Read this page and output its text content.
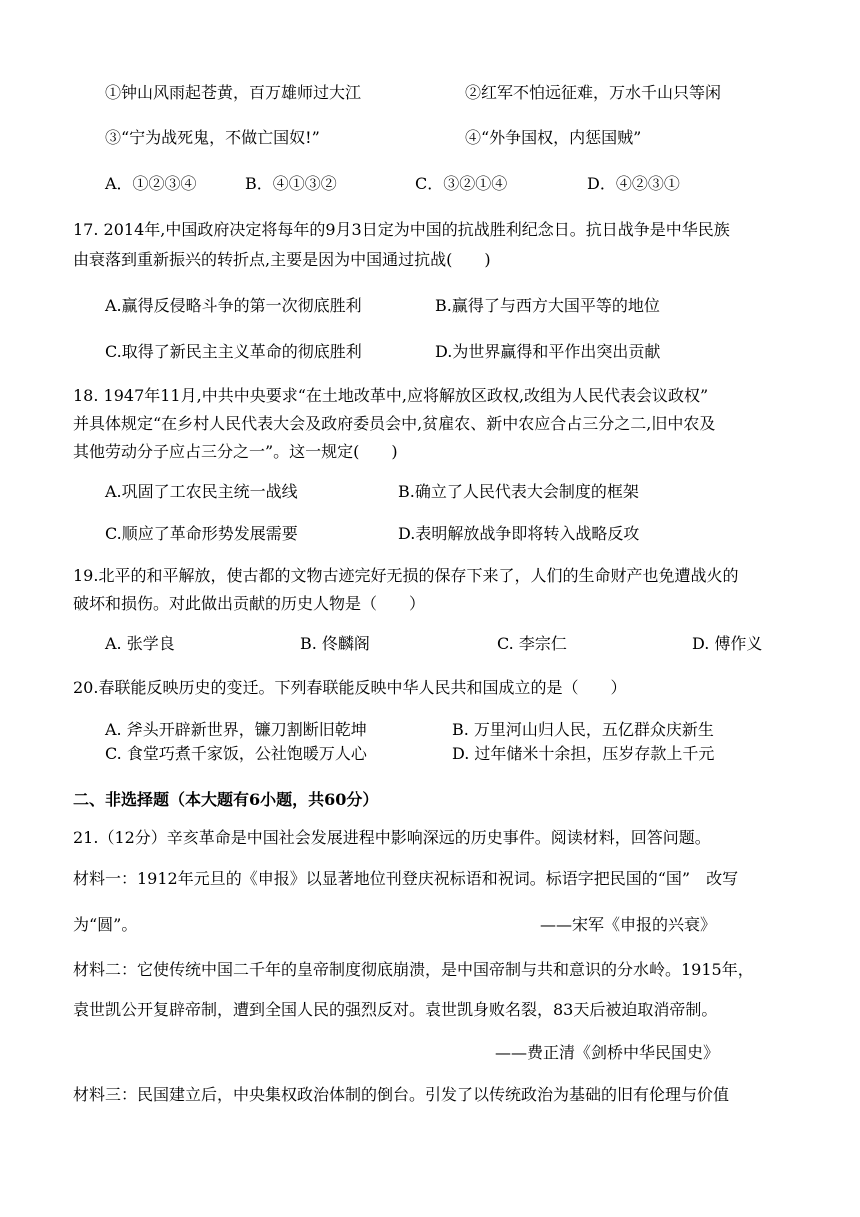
①钟山风雨起苍黄，百万雄师过大江	②红军不怕远征难，万水千山只等闲
③“宁为战死鬼，不做亡国奴!”	④“外争国权，内惩国贼”
A．①②③④	B．④①③②	C．③②①④	D．④②③①
17. 2014年,中国政府决定将每年的9月3日定为中国的抗战胜利纪念日。抗日战争是中华民族
由衰落到重新振兴的转折点,主要是因为中国通过抗战(　　)
A.赢得反侵略斗争的第一次彻底胜利	B.赢得了与西方大国平等的地位
C.取得了新民主主义革命的彻底胜利	D.为世界赢得和平作出突出贡献
18. 1947年11月,中共中央要求“在土地改革中,应将解放区政权,改组为人民代表会议政权”
并具体规定“在乡村人民代表大会及政府委员会中,贫雇农、新中农应合占三分之二,旧中农及
其他劳动分子应占三分之一”。这一规定(　　)
A.巩固了工农民主统一战线	B.确立了人民代表大会制度的框架
C.顺应了革命形势发展需要	D.表明解放战争即将转入战略反攻
19.北平的和平解放，使古都的文物古迹完好无损的保存下来了，人们的生命财产也免遭战火的
破坏和损伤。对此做出贡献的历史人物是（　　）
A. 张学良	B. 佟麟阁	C. 李宗仁	D. 傅作义
20.春联能反映历史的变迁。下列春联能反映中华人民共和国成立的是（　　）
A. 斧头开辟新世界，镰刀割断旧乾坤	B. 万里河山归人民，五亿群众庆新生
C. 食堂巧煮千家饭，公社饱暖万人心	D. 过年储米十余担，压岁存款上千元
二、非选择题（本大题有6小题，共60分）
21.（12分）辛亥革命是中国社会发展进程中影响深远的历史事件。阅读材料，回答问题。
材料一：1912年元旦的《申报》以显著地位刊登庆祝标语和祝词。标语字把民国的“国”　改写
为“圆”。	——宋军《申报的兴衰》
材料二：它使传统中国二千年的皇帝制度彻底崩溃，是中国帝制与共和意识的分水岭。1915年，
袁世凯公开复辟帝制，遭到全国人民的强烈反对。袁世凯身败名裂，83天后被迫取消帝制。
——费正清《剑桥中华民国史》
材料三：民国建立后，中央集权政治体制的倒台。引发了以传统政治为基础的旧有伦理与价值
